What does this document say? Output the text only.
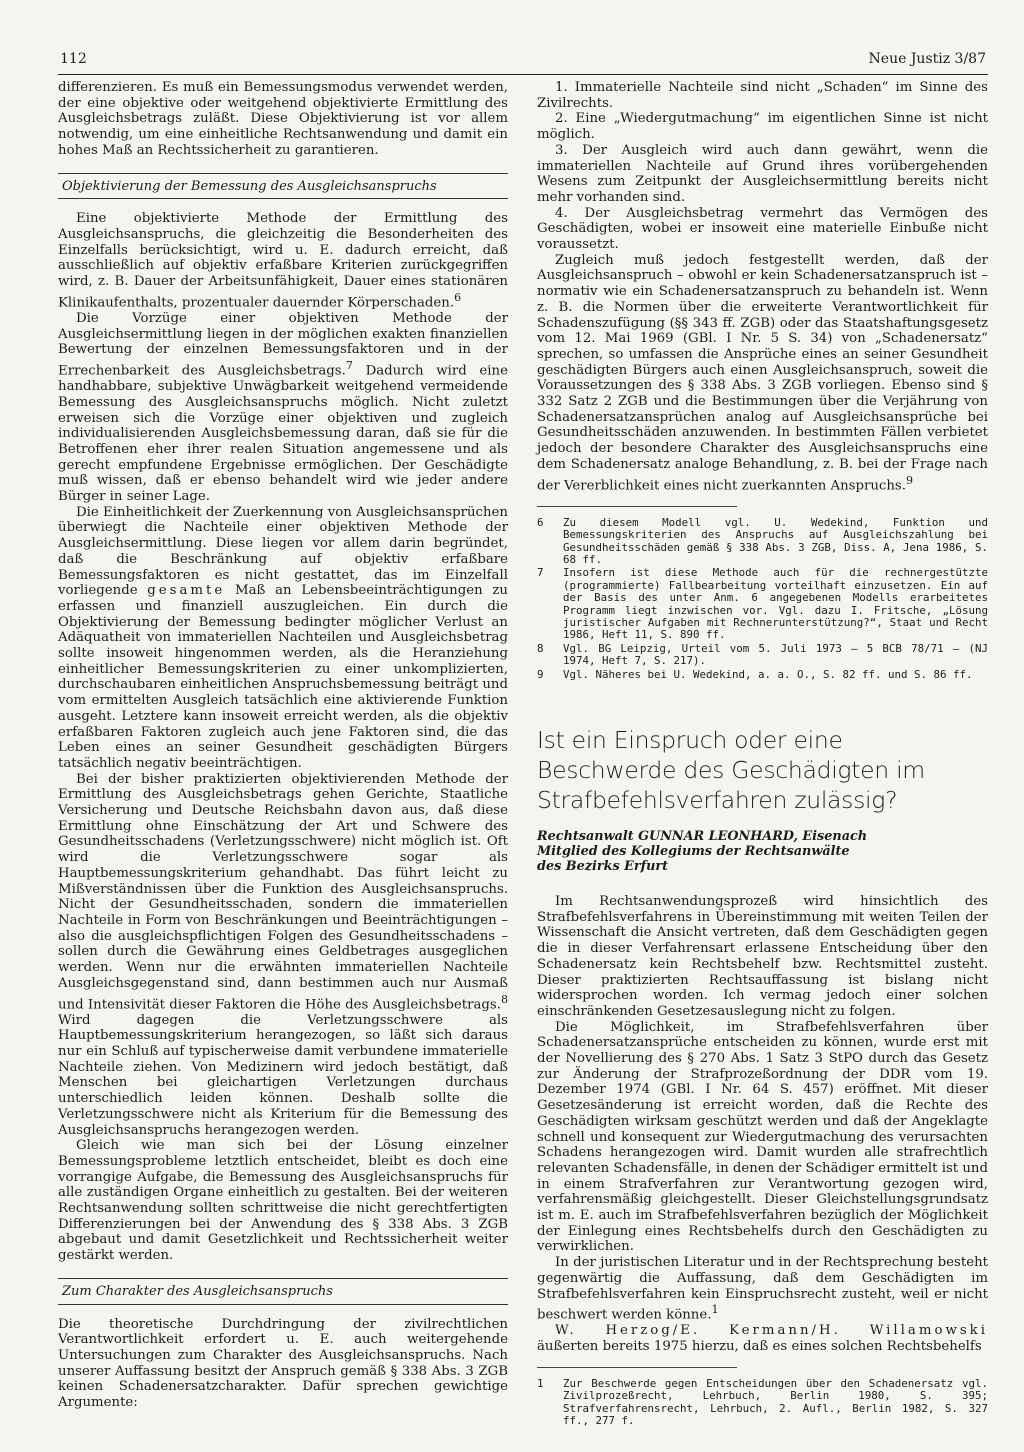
112	Neue Justiz 3/87

differenzieren. Es muß ein Bemessungsmodus verwendet werden, der eine objektive oder weitgehend objektivierte Ermittlung des Ausgleichsbetrags zuläßt. Diese Objektivierung ist vor allem notwendig, um eine einheitliche Rechtsanwendung und damit ein hohes Maß an Rechtssicherheit zu garantieren.

Objektivierung der Bemessung des Ausgleichsanspruchs

Eine objektivierte Methode der Ermittlung des Ausgleichsanspruchs, die gleichzeitig die Besonderheiten des Einzelfalls berücksichtigt, wird u. E. dadurch erreicht, daß ausschließlich auf objektiv erfaßbare Kriterien zurückgegriffen wird, z. B. Dauer der Arbeitsunfähigkeit, Dauer eines stationären Klinikaufenthalts, prozentualer dauernder Körperschaden.$^6$

Die Vorzüge einer objektiven Methode der Ausgleichsermittlung liegen in der möglichen exakten finanziellen Bewertung der einzelnen Bemessungsfaktoren und in der Errechenbarkeit des Ausgleichsbetrags.$^7$ Dadurch wird eine handhabbare, subjektive Unwägbarkeit weitgehend vermeidende Bemessung des Ausgleichsanspruchs möglich. Nicht zuletzt erweisen sich die Vorzüge einer objektiven und zugleich individualisierenden Ausgleichsbemessung daran, daß sie für die Betroffenen eher ihrer realen Situation angemessene und als gerecht empfundene Ergebnisse ermöglichen. Der Geschädigte muß wissen, daß er ebenso behandelt wird wie jeder andere Bürger in seiner Lage.

Die Einheitlichkeit der Zuerkennung von Ausgleichsansprüchen überwiegt die Nachteile einer objektiven Methode der Ausgleichsermittlung. Diese liegen vor allem darin begründet, daß die Beschränkung auf objektiv erfaßbare Bemessungsfaktoren es nicht gestattet, das im Einzelfall vorliegende gesamte Maß an Lebensbeeinträchtigungen zu erfassen und finanziell auszugleichen. Ein durch die Objektivierung der Bemessung bedingter möglicher Verlust an Adäquatheit von immateriellen Nachteilen und Ausgleichsbetrag sollte insoweit hingenommen werden, als die Heranziehung einheitlicher Bemessungskriterien zu einer unkomplizierten, durchschaubaren einheitlichen Anspruchsbemessung beiträgt und vom ermittelten Ausgleich tatsächlich eine aktivierende Funktion ausgeht. Letztere kann insoweit erreicht werden, als die objektiv erfaßbaren Faktoren zugleich auch jene Faktoren sind, die das Leben eines an seiner Gesundheit geschädigten Bürgers tatsächlich negativ beeinträchtigen.

Bei der bisher praktizierten objektivierenden Methode der Ermittlung des Ausgleichsbetrags gehen Gerichte, Staatliche Versicherung und Deutsche Reichsbahn davon aus, daß diese Ermittlung ohne Einschätzung der Art und Schwere des Gesundheitsschadens (Verletzungsschwere) nicht möglich ist. Oft wird die Verletzungsschwere sogar als Hauptbemessungskriterium gehandhabt. Das führt leicht zu Mißverständnissen über die Funktion des Ausgleichsanspruchs. Nicht der Gesundheitsschaden, sondern die immateriellen Nachteile in Form von Beschränkungen und Beeinträchtigungen – also die ausgleichspflichtigen Folgen des Gesundheitsschadens – sollen durch die Gewährung eines Geldbetrages ausgeglichen werden. Wenn nur die erwähnten immateriellen Nachteile Ausgleichsgegenstand sind, dann bestimmen auch nur Ausmaß und Intensivität dieser Faktoren die Höhe des Ausgleichsbetrags.$^8$ Wird dagegen die Verletzungsschwere als Hauptbemessungskriterium herangezogen, so läßt sich daraus nur ein Schluß auf typischerweise damit verbundene immaterielle Nachteile ziehen. Von Medizinern wird jedoch bestätigt, daß Menschen bei gleichartigen Verletzungen durchaus unterschiedlich leiden können. Deshalb sollte die Verletzungsschwere nicht als Kriterium für die Bemessung des Ausgleichsanspruchs herangezogen werden.

Gleich wie man sich bei der Lösung einzelner Bemessungsprobleme letztlich entscheidet, bleibt es doch eine vorrangige Aufgabe, die Bemessung des Ausgleichsanspruchs für alle zuständigen Organe einheitlich zu gestalten. Bei der weiteren Rechtsanwendung sollten schrittweise die nicht gerechtfertigten Differenzierungen bei der Anwendung des § 338 Abs. 3 ZGB abgebaut und damit Gesetzlichkeit und Rechtssicherheit weiter gestärkt werden.

Zum Charakter des Ausgleichsanspruchs

Die theoretische Durchdringung der zivilrechtlichen Verantwortlichkeit erfordert u. E. auch weitergehende Untersuchungen zum Charakter des Ausgleichsanspruchs. Nach unserer Auffassung besitzt der Anspruch gemäß § 338 Abs. 3 ZGB keinen Schadenersatzcharakter. Dafür sprechen gewichtige Argumente:

1. Immaterielle Nachteile sind nicht „Schaden“ im Sinne des Zivilrechts.

2. Eine „Wiedergutmachung“ im eigentlichen Sinne ist nicht möglich.

3. Der Ausgleich wird auch dann gewährt, wenn die immateriellen Nachteile auf Grund ihres vorübergehenden Wesens zum Zeitpunkt der Ausgleichsermittlung bereits nicht mehr vorhanden sind.

4. Der Ausgleichsbetrag vermehrt das Vermögen des Geschädigten, wobei er insoweit eine materielle Einbuße nicht voraussetzt.

Zugleich muß jedoch festgestellt werden, daß der Ausgleichsanspruch – obwohl er kein Schadenersatzanspruch ist – normativ wie ein Schadenersatzanspruch zu behandeln ist. Wenn z. B. die Normen über die erweiterte Verantwortlichkeit für Schadenszufügung (§§ 343 ff. ZGB) oder das Staatshaftungsgesetz vom 12. Mai 1969 (GBl. I Nr. 5 S. 34) von „Schadenersatz“ sprechen, so umfassen die Ansprüche eines an seiner Gesundheit geschädigten Bürgers auch einen Ausgleichsanspruch, soweit die Voraussetzungen des § 338 Abs. 3 ZGB vorliegen. Ebenso sind § 332 Satz 2 ZGB und die Bestimmungen über die Verjährung von Schadenersatzansprüchen analog auf Ausgleichsansprüche bei Gesundheitsschäden anzuwenden. In bestimmten Fällen verbietet jedoch der besondere Charakter des Ausgleichsanspruchs eine dem Schadenersatz analoge Behandlung, z. B. bei der Frage nach der Vererblichkeit eines nicht zuerkannten Anspruchs.$^9$

6	Zu diesem Modell vgl. U. Wedekind, Funktion und Bemessungskriterien des Anspruchs auf Ausgleichszahlung bei Gesundheitsschäden gemäß § 338 Abs. 3 ZGB, Diss. A, Jena 1986, S. 68 ff.
7	Insofern ist diese Methode auch für die rechnergestützte (programmierte) Fallbearbeitung vorteilhaft einzusetzen. Ein auf der Basis des unter Anm. 6 angegebenen Modells erarbeitetes Programm liegt inzwischen vor. Vgl. dazu I. Fritsche, „Lösung juristischer Aufgaben mit Rechnerunterstützung?“, Staat und Recht 1986, Heft 11, S. 890 ff.
8	Vgl. BG Leipzig, Urteil vom 5. Juli 1973 – 5 BCB 78/71 – (NJ 1974, Heft 7, S. 217).
9	Vgl. Näheres bei U. Wedekind, a. a. O., S. 82 ff. und S. 86 ff.
Ist ein Einspruch oder eine Beschwerde des Geschädigten im Strafbefehlsverfahren zulässig?
Rechtsanwalt GUNNAR LEONHARD, Eisenach
Mitglied des Kollegiums der Rechtsanwälte
des Bezirks Erfurt

Im Rechtsanwendungsprozeß wird hinsichtlich des Strafbefehlsverfahrens in Übereinstimmung mit weiten Teilen der Wissenschaft die Ansicht vertreten, daß dem Geschädigten gegen die in dieser Verfahrensart erlassene Entscheidung über den Schadenersatz kein Rechtsbehelf bzw. Rechtsmittel zusteht. Dieser praktizierten Rechtsauffassung ist bislang nicht widersprochen worden. Ich vermag jedoch einer solchen einschränkenden Gesetzesauslegung nicht zu folgen.

Die Möglichkeit, im Strafbefehlsverfahren über Schadenersatzansprüche entscheiden zu können, wurde erst mit der Novellierung des § 270 Abs. 1 Satz 3 StPO durch das Gesetz zur Änderung der Strafprozeßordnung der DDR vom 19. Dezember 1974 (GBl. I Nr. 64 S. 457) eröffnet. Mit dieser Gesetzesänderung ist erreicht worden, daß die Rechte des Geschädigten wirksam geschützt werden und daß der Angeklagte schnell und konsequent zur Wiedergutmachung des verursachten Schadens herangezogen wird. Damit wurden alle strafrechtlich relevanten Schadensfälle, in denen der Schädiger ermittelt ist und in einem Strafverfahren zur Verantwortung gezogen wird, verfahrensmäßig gleichgestellt. Dieser Gleichstellungsgrundsatz ist m. E. auch im Strafbefehlsverfahren bezüglich der Möglichkeit der Einlegung eines Rechtsbehelfs durch den Geschädigten zu verwirklichen.

In der juristischen Literatur und in der Rechtsprechung besteht gegenwärtig die Auffassung, daß dem Geschädigten im Strafbefehlsverfahren kein Einspruchsrecht zusteht, weil er nicht beschwert werden könne.$^1$

W. Herzog/E. Kermann/H. Willamowski äußerten bereits 1975 hierzu, daß es eines solchen Rechtsbehelfs

1	Zur Beschwerde gegen Entscheidungen über den Schadenersatz vgl. Zivilprozeßrecht, Lehrbuch, Berlin 1980, S. 395; Strafverfahrensrecht, Lehrbuch, 2. Aufl., Berlin 1982, S. 327 ff., 277 f.
